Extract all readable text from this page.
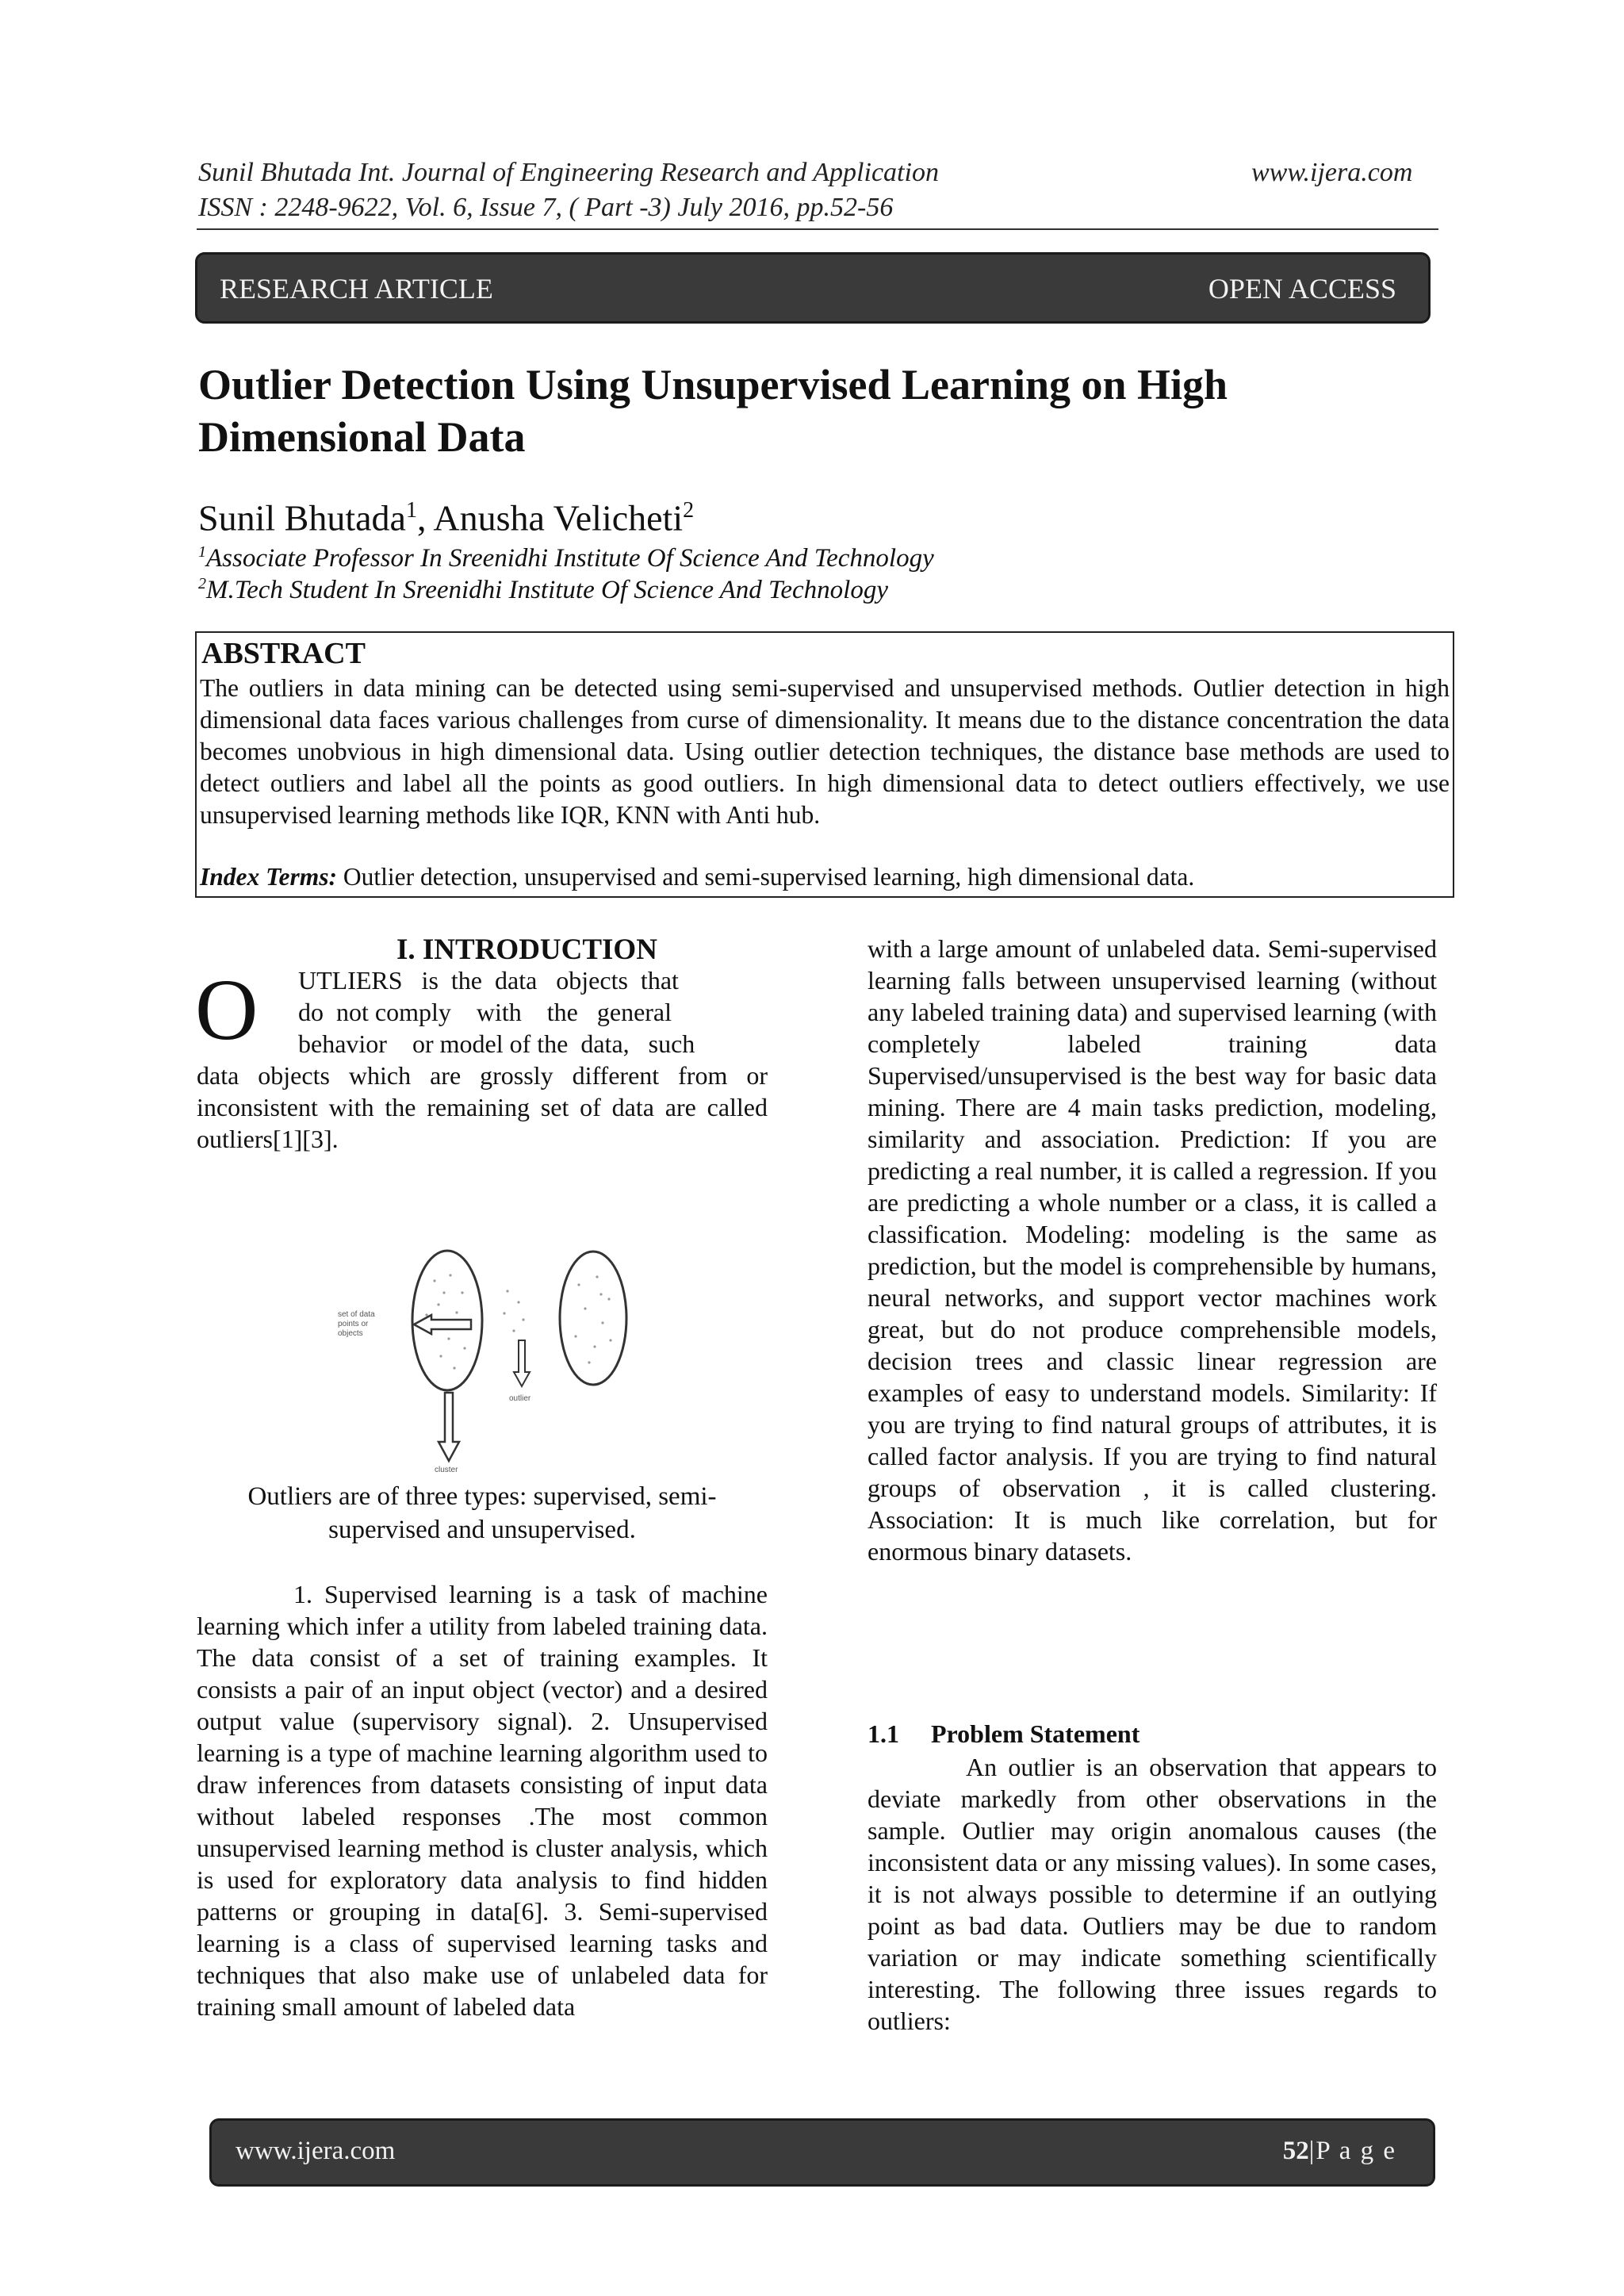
Sunil Bhutada Int. Journal of Engineering Research and Application	www.ijera.com
ISSN : 2248-9622, Vol. 6, Issue 7, ( Part -3) July 2016, pp.52-56
RESEARCH ARTICLE	OPEN ACCESS
Outlier Detection Using Unsupervised Learning on High
Dimensional Data
Sunil Bhutada$^1$, Anusha Velicheti$^2$
$^1$Associate Professor In Sreenidhi Institute Of Science And Technology
$^2$M.Tech Student In Sreenidhi Institute Of Science And Technology
ABSTRACT
The outliers in data mining can be detected using semi-supervised and unsupervised methods. Outlier detection in high dimensional data faces various challenges from curse of dimensionality. It means due to the distance concentration the data becomes unobvious in high dimensional data. Using outlier detection techniques, the distance base methods are used to detect outliers and label all the points as good outliers. In high dimensional data to detect outliers effectively, we use unsupervised learning methods like IQR, KNN with Anti hub.
Index Terms: Outlier detection, unsupervised and semi-supervised learning, high dimensional data.
I. INTRODUCTION
O UTLIERS   is  the  data   objects  that
do  not comply    with    the   general
behavior    or model of the  data,   such
data objects which are grossly different from or inconsistent with the remaining set of data are called outliers[1][3].
set of data
points or
objects
outlier
cluster
Outliers are of three types: supervised, semi-supervised and unsupervised.
1. Supervised learning is a task of machine learning which infer a utility from labeled training data. The data consist of a set of training examples. It consists a pair of an input object (vector) and a desired output value (supervisory signal). 2. Unsupervised learning is a type of machine learning algorithm used to draw inferences from datasets consisting of input data without labeled responses .The most common unsupervised learning method is cluster analysis, which is used for exploratory data analysis to find hidden patterns or grouping in data[6]. 3. Semi-supervised learning is a class of supervised learning tasks and techniques that also make use of unlabeled data for training small amount of labeled data
with a large amount of unlabeled data. Semi-supervised learning falls between unsupervised learning (without any labeled training data) and supervised learning (with completely labeled training data Supervised/unsupervised is the best way for basic data mining. There are 4 main tasks prediction, modeling, similarity and association. Prediction: If you are predicting a real number, it is called a regression. If you are predicting a whole number or a class, it is called a classification. Modeling: modeling is the same as prediction, but the model is comprehensible by humans, neural networks, and support vector machines work great, but do not produce comprehensible models, decision trees and classic linear regression are examples of easy to understand models. Similarity: If you are trying to find natural groups of attributes, it is called factor analysis. If you are trying to find natural groups of observation , it is called clustering. Association: It is much like correlation, but for enormous binary datasets.
1.1     Problem Statement
An outlier is an observation that appears to deviate markedly from other observations in the sample. Outlier may origin anomalous causes (the inconsistent data or any missing values). In some cases, it is not always possible to determine if an outlying point as bad data. Outliers may be due to random variation or may indicate something scientifically interesting. The following three issues regards to outliers:
www.ijera.com	52|P a g e
